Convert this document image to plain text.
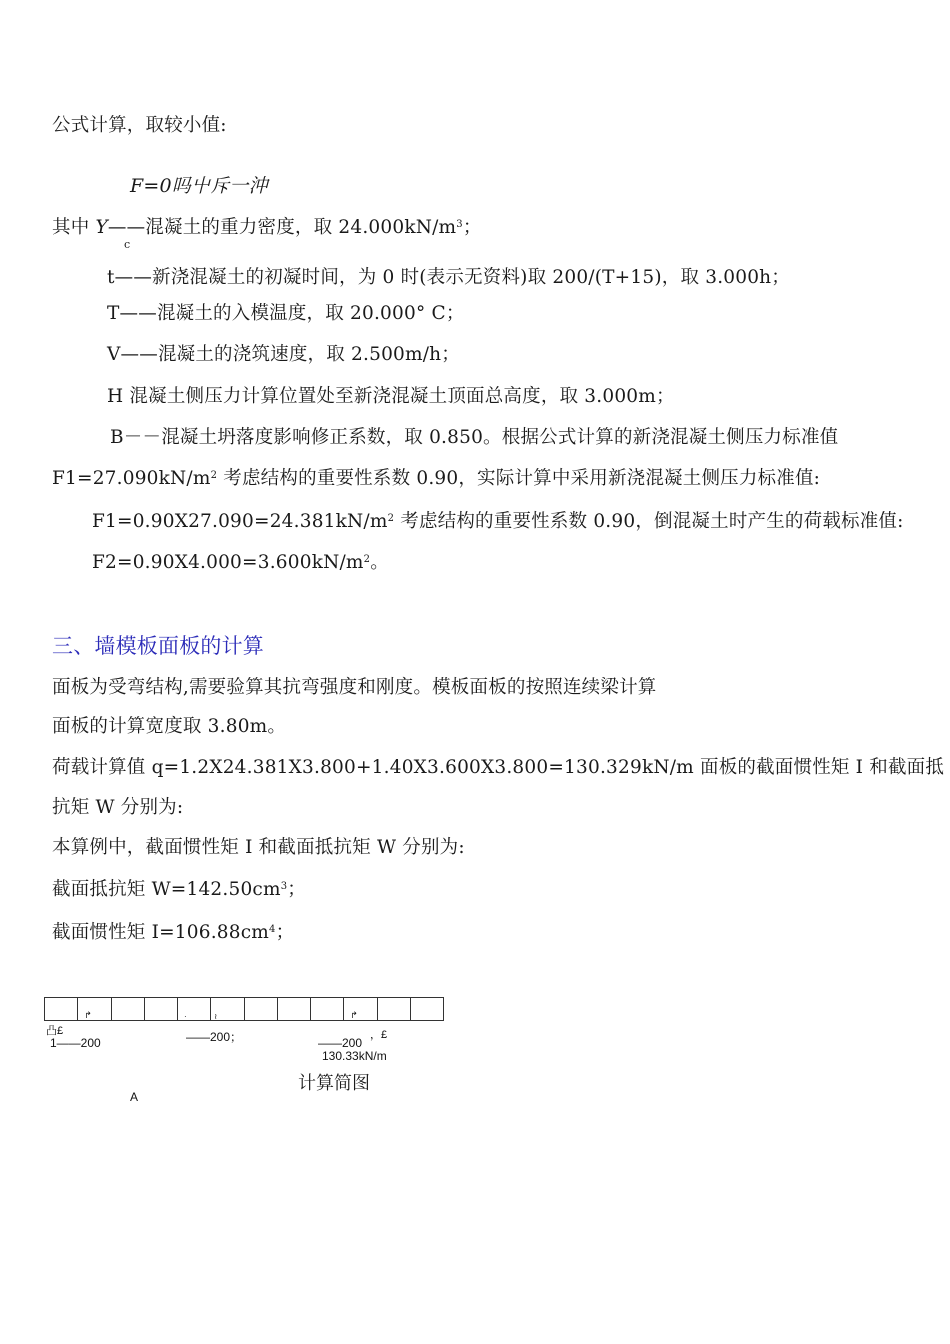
公式计算，取较小值:
F=0吗屮斥一沖
其中 Y——混凝土的重力密度，取 $24.000kN/m^3$；
c
t——新浇混凝土的初凝时间，为 0 时(表示无资料)取 200/(T+15)，取 3.000h；
T——混凝土的入模温度，取 20.000° C；
V——混凝土的浇筑速度，取 2.500m/h；
H 混凝土侧压力计算位置处至新浇混凝土顶面总高度，取 3.000m；
B－－混凝土坍落度影响修正系数，取 0.850。根据公式计算的新浇混凝土侧压力标准值
$F1=27.090kN/m^2$ 考虑结构的重要性系数 0.90，实际计算中采用新浇混凝土侧压力标准值:
$F1=0.90X27.090=24.381kN/m^2$ 考虑结构的重要性系数 0.90，倒混凝土时产生的荷载标准值:
$F2=0.90X4.000=3.600kN/m^2$。
三、墙模板面板的计算
面板为受弯结构,需要验算其抗弯强度和刚度。模板面板的按照连续梁计算
面板的计算宽度取 3.80m。
荷载计算值 q=1.2X24.381X3.800+1.40X3.600X3.800=130.329kN/m 面板的截面惯性矩 I 和截面抵
抗矩 W 分别为:
本算例中，截面惯性矩 I 和截面抵抗矩 W 分别为:
截面抵抗矩 $W=142.50cm^3$；
截面惯性矩 $I=106.88cm^4$；
↱	·	≀	↱
凸£
1——200	——200；	——200
，£
130.33kN/m
计算简图
A
